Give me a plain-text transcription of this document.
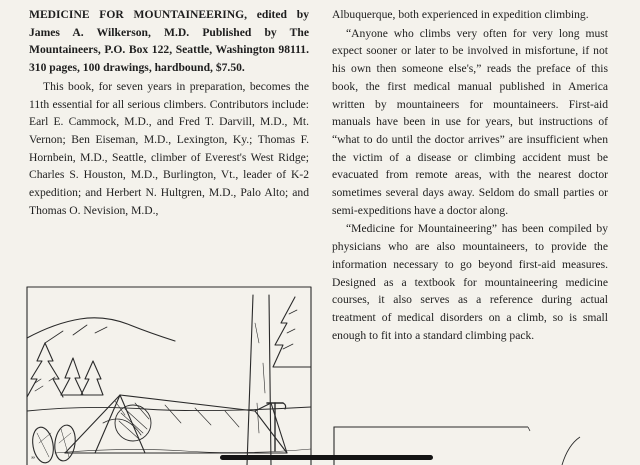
MEDICINE FOR MOUNTAINEERING, edited by James A. Wilkerson, M.D. Published by The Mountaineers, P.O. Box 122, Seattle, Washington 98111. 310 pages, 100 drawings, hardbound, $7.50.

This book, for seven years in preparation, becomes the 11th essential for all serious climbers. Contributors include: Earl E. Cammock, M.D., and Fred T. Darvill, M.D., Mt. Vernon; Ben Eiseman, M.D., Lexington, Ky.; Thomas F. Hornbein, M.D., Seattle, climber of Everest's West Ridge; Charles S. Houston, M.D., Burlington, Vt., leader of K-2 expedition; and Herbert N. Hultgren, M.D., Palo Alto; and Thomas O. Nevision, M.D.,

Albuquerque, both experienced in expedition climbing.

“Anyone who climbs very often for very long must expect sooner or later to be involved in misfortune, if not his own then someone else's,” reads the preface of this book, the first medical manual published in America written by mountaineers for mountaineers. First-aid manuals have been in use for years, but instructions of “what to do until the doctor arrives” are insufficient when the victim of a disease or climbing accident must be evacuated from remote areas, with the nearest doctor sometimes several days away. Seldom do small parties or semi-expeditions have a doctor along.

“Medicine for Mountaineering” has been compiled by physicians who are also mountaineers, to provide the information necessary to go beyond first-aid measures. Designed as a textbook for mountaineering medicine courses, it also serves as a reference during actual treatment of medical disorders on a climb, so is small enough to fit into a standard climbing pack.

”
